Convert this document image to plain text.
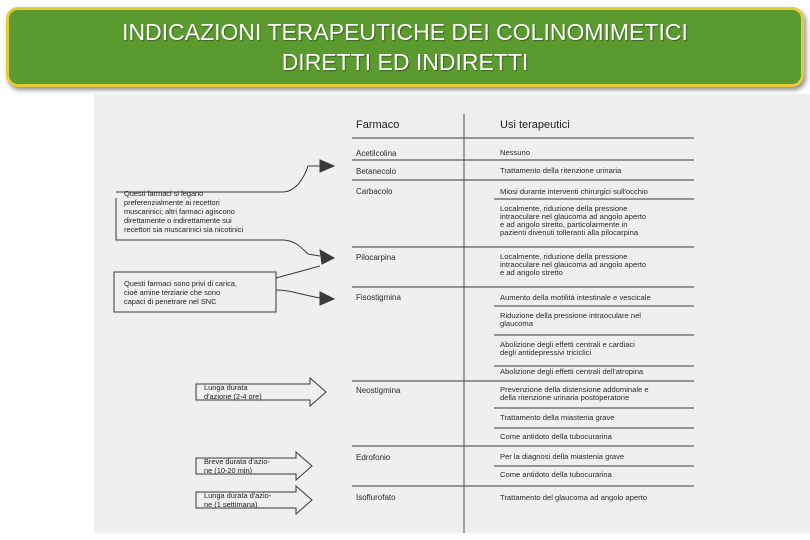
INDICAZIONI TERAPEUTICHE DEI COLINOMIMETICI
DIRETTI ED INDIRETTI
Farmaco	Usi terapeutici
Acetilcolina
Betanecolo
Carbacolo
Pilocarpina
Fisostigmina
Neostigmina
Edrofonio
Isoflurofato
Nessuno
Trattamento della ritenzione urinaria
Miosi durante interventi chirurgici sull'occhio
Localmente, riduzione della pressione intraoculare nel glaucoma ad angolo aperto e ad angolo stretto, particolarmente in pazienti divenuti tolleranti alla pilocarpina
Localmente, riduzione della pressione intraoculare nel glaucoma ad angolo aperto e ad angolo stretto
Aumento della motilità intestinale e vescicale
Riduzione della pressione intraoculare nel glaucoma
Abolizione degli effetti centrali e cardiaci degli antidepressivi triciclici
Abolizione degli effetti centrali dell'atropina
Prevenzione della distensione addominale e della ritenzione urinaria postoperatorie
Trattamento della miastenia grave
Come antidoto della tubocurarina
Per la diagnosi della miastenia grave
Come antidoto della tubocurarina
Trattamento del glaucoma ad angolo aperto
Questi farmaci si legano preferenzialmente ai recettori muscarinici; altri farmaci agiscono direttamente o indirettamente sui recettori sia muscarinici sia nicotinici
Questi farmaci sono privi di carica, cioè amine terziarie che sono capaci di penetrare nel SNC
Lunga durata d'azione (2-4 ore)
Breve durata d'azio- ne (10-20 min)
Lunga durata d'azio- ne (1 settimana)
